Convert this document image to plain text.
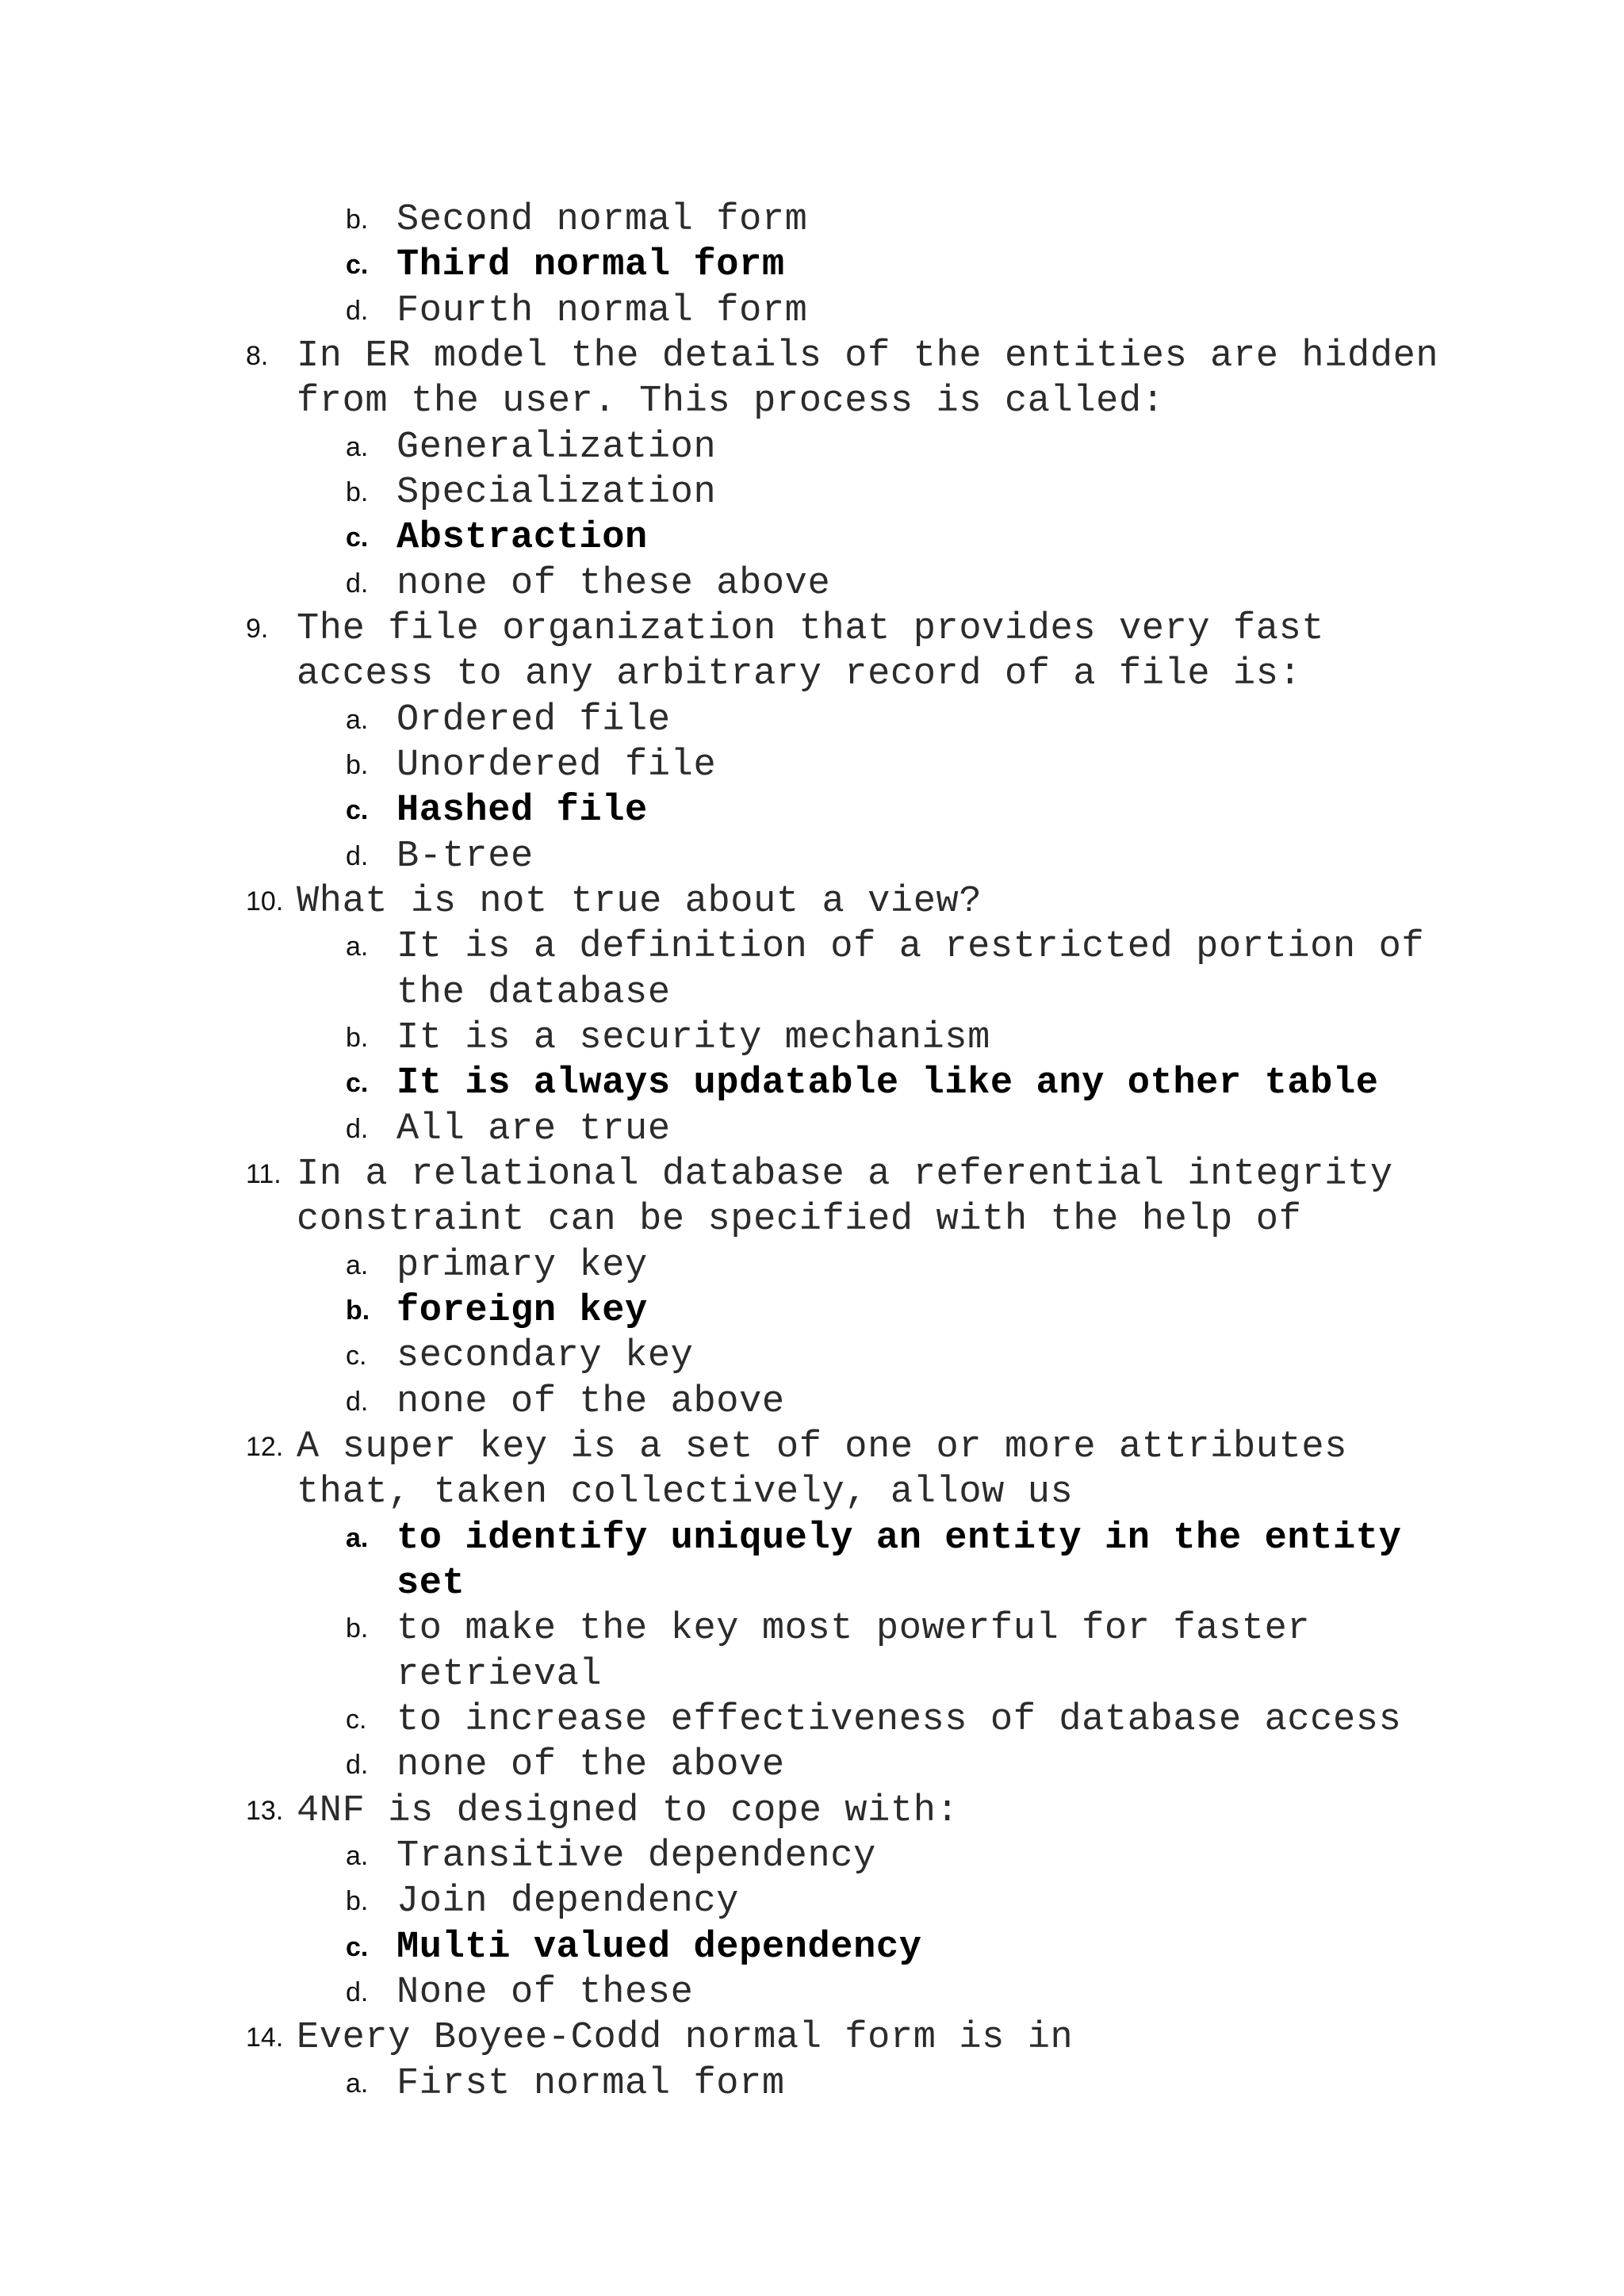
b. Second normal form
c. Third normal form
d. Fourth normal form
8. In ER model the details of the entities are hidden
from the user. This process is called:
a. Generalization
b. Specialization
c. Abstraction
d. none of these above
9. The file organization that provides very fast
access to any arbitrary record of a file is:
a. Ordered file
b. Unordered file
c. Hashed file
d. B-tree
10. What is not true about a view?
a. It is a definition of a restricted portion of
the database
b. It is a security mechanism
c. It is always updatable like any other table
d. All are true
11. In a relational database a referential integrity
constraint can be specified with the help of
a. primary key
b. foreign key
c. secondary key
d. none of the above
12. A super key is a set of one or more attributes
that, taken collectively, allow us
a. to identify uniquely an entity in the entity
set
b. to make the key most powerful for faster
retrieval
c. to increase effectiveness of database access
d. none of the above
13. 4NF is designed to cope with:
a. Transitive dependency
b. Join dependency
c. Multi valued dependency
d. None of these
14. Every Boyee-Codd normal form is in
a. First normal form
